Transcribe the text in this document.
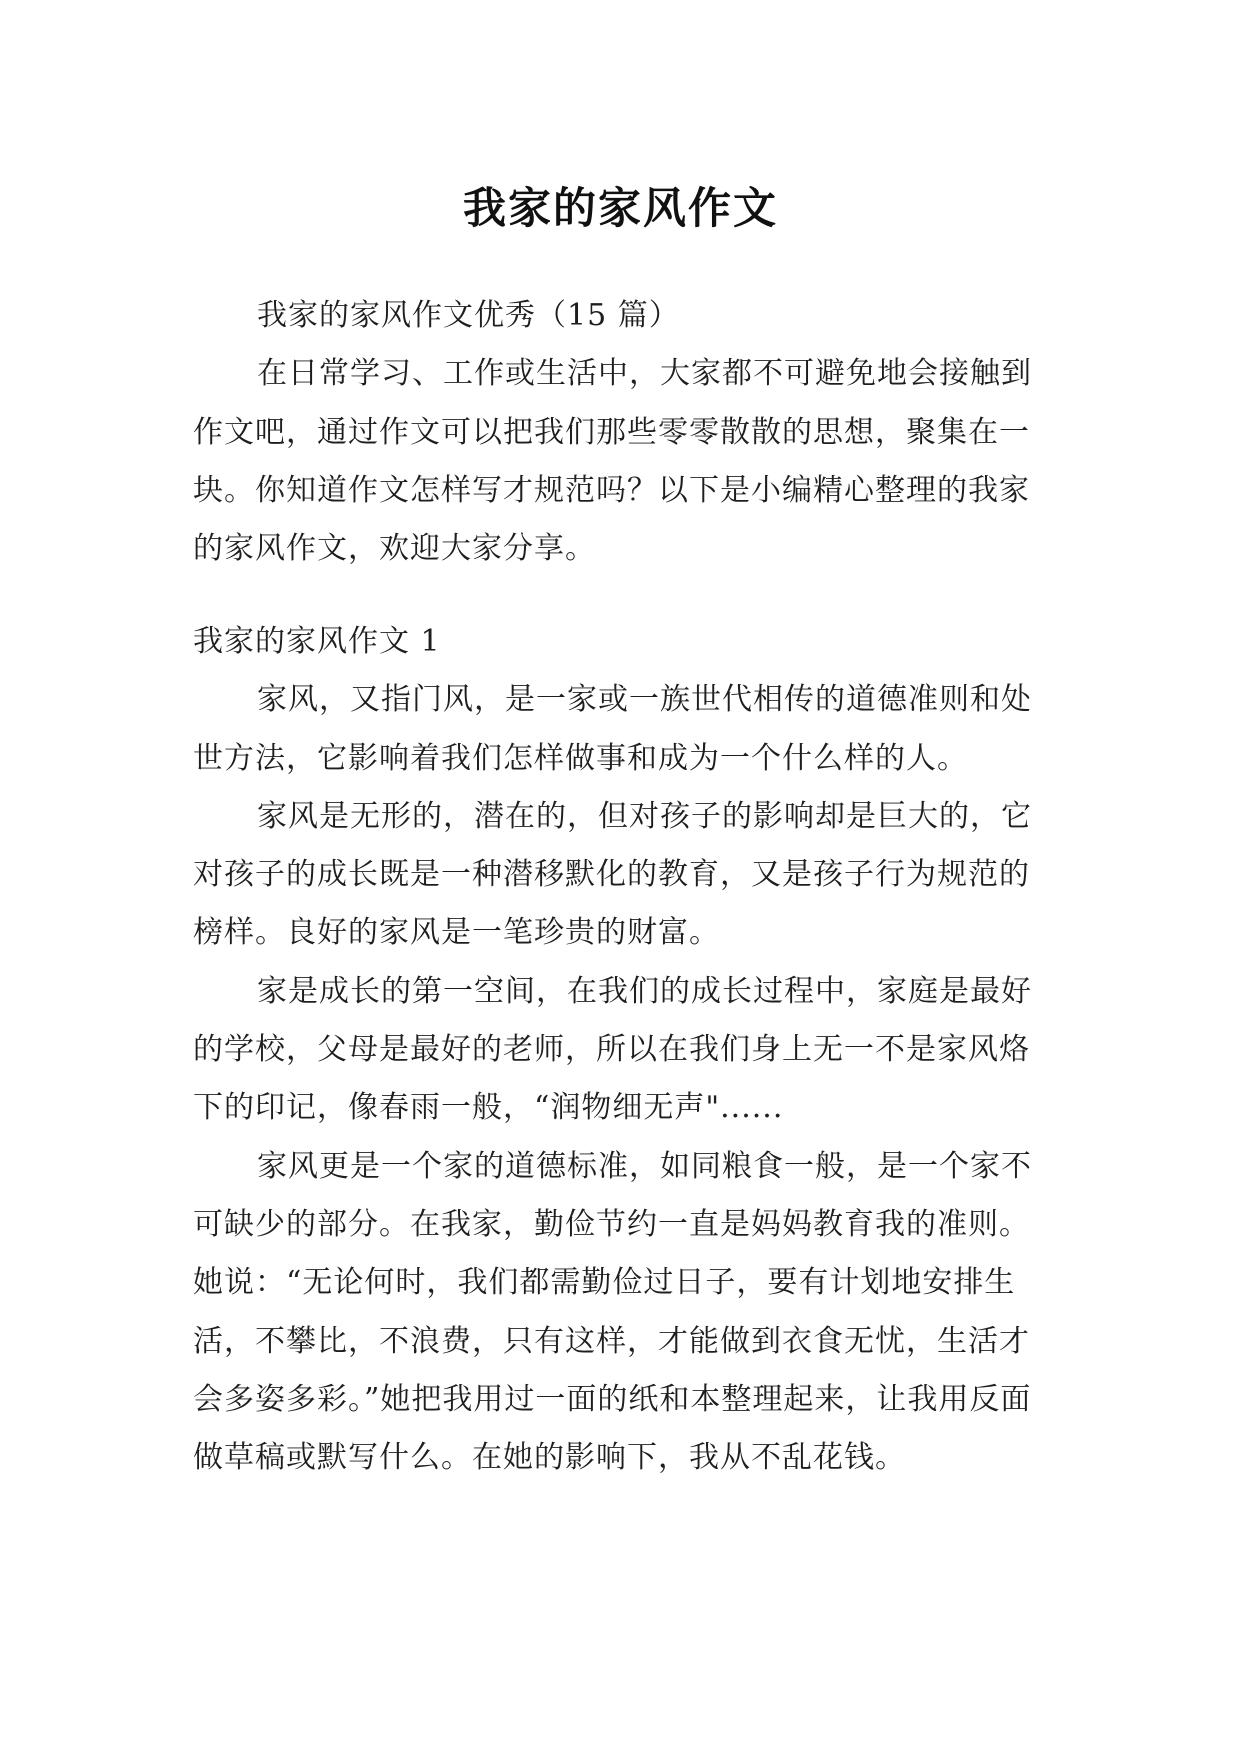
我家的家风作文

我家的家风作文优秀（15 篇）

在日常学习、工作或生活中，大家都不可避免地会接触到作文吧，通过作文可以把我们那些零零散散的思想，聚集在一块。你知道作文怎样写才规范吗？以下是小编精心整理的我家的家风作文，欢迎大家分享。

我家的家风作文 1

家风，又指门风，是一家或一族世代相传的道德准则和处世方法，它影响着我们怎样做事和成为一个什么样的人。

家风是无形的，潜在的，但对孩子的影响却是巨大的，它对孩子的成长既是一种潜移默化的教育，又是孩子行为规范的榜样。良好的家风是一笔珍贵的财富。

家是成长的第一空间，在我们的成长过程中，家庭是最好的学校，父母是最好的老师，所以在我们身上无一不是家风烙下的印记，像春雨一般，“润物细无声"......

家风更是一个家的道德标准，如同粮食一般，是一个家不可缺少的部分。在我家，勤俭节约一直是妈妈教育我的准则。她说：“无论何时，我们都需勤俭过日子，要有计划地安排生活，不攀比，不浪费，只有这样，才能做到衣食无忧，生活才会多姿多彩。”她把我用过一面的纸和本整理起来，让我用反面做草稿或默写什么。在她的影响下，我从不乱花钱。
